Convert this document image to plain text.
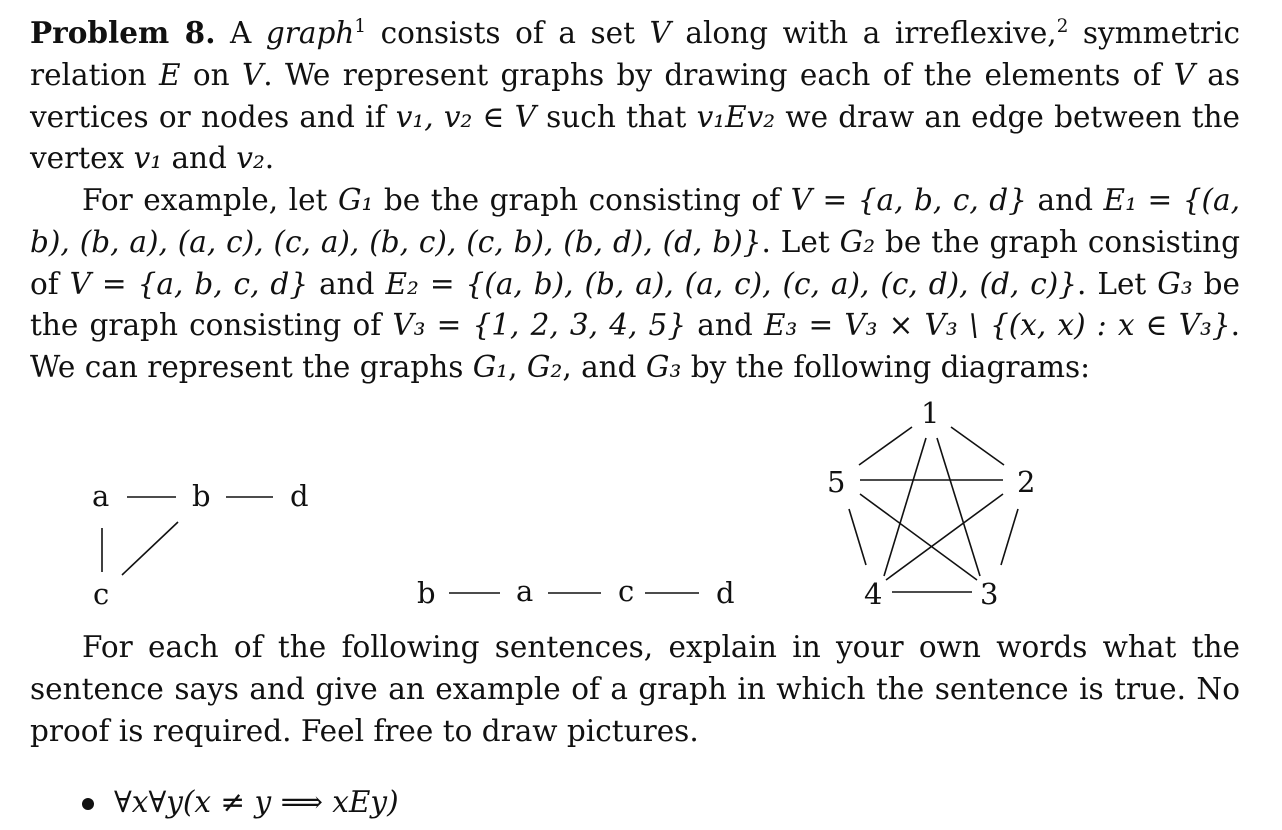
Problem 8. A graph$^1$ consists of a set V along with a irreflexive,$^2$ symmetric relation E on V. We represent graphs by drawing each of the elements of V as vertices or nodes and if v₁, v₂ ∈ V such that v₁Ev₂ we draw an edge between the vertex v₁ and v₂.

For example, let G₁ be the graph consisting of V = {a, b, c, d} and E₁ = {(a, b), (b, a), (a, c), (c, a), (b, c), (c, b), (b, d), (d, b)}. Let G₂ be the graph consisting of V = {a, b, c, d} and E₂ = {(a, b), (b, a), (a, c), (c, a), (c, d), (d, c)}. Let G₃ be the graph consisting of V₃ = {1, 2, 3, 4, 5} and E₃ = V₃ × V₃ \ {(x, x) : x ∈ V₃}. We can represent the graphs G₁, G₂, and G₃ by the following diagrams:

a	b	d
c	b	a	c	d
1
2
3
4
5

For each of the following sentences, explain in your own words what the sentence says and give an example of a graph in which the sentence is true. No proof is required. Feel free to draw pictures.

∀x∀y(x ≠ y ⟹ xEy)
